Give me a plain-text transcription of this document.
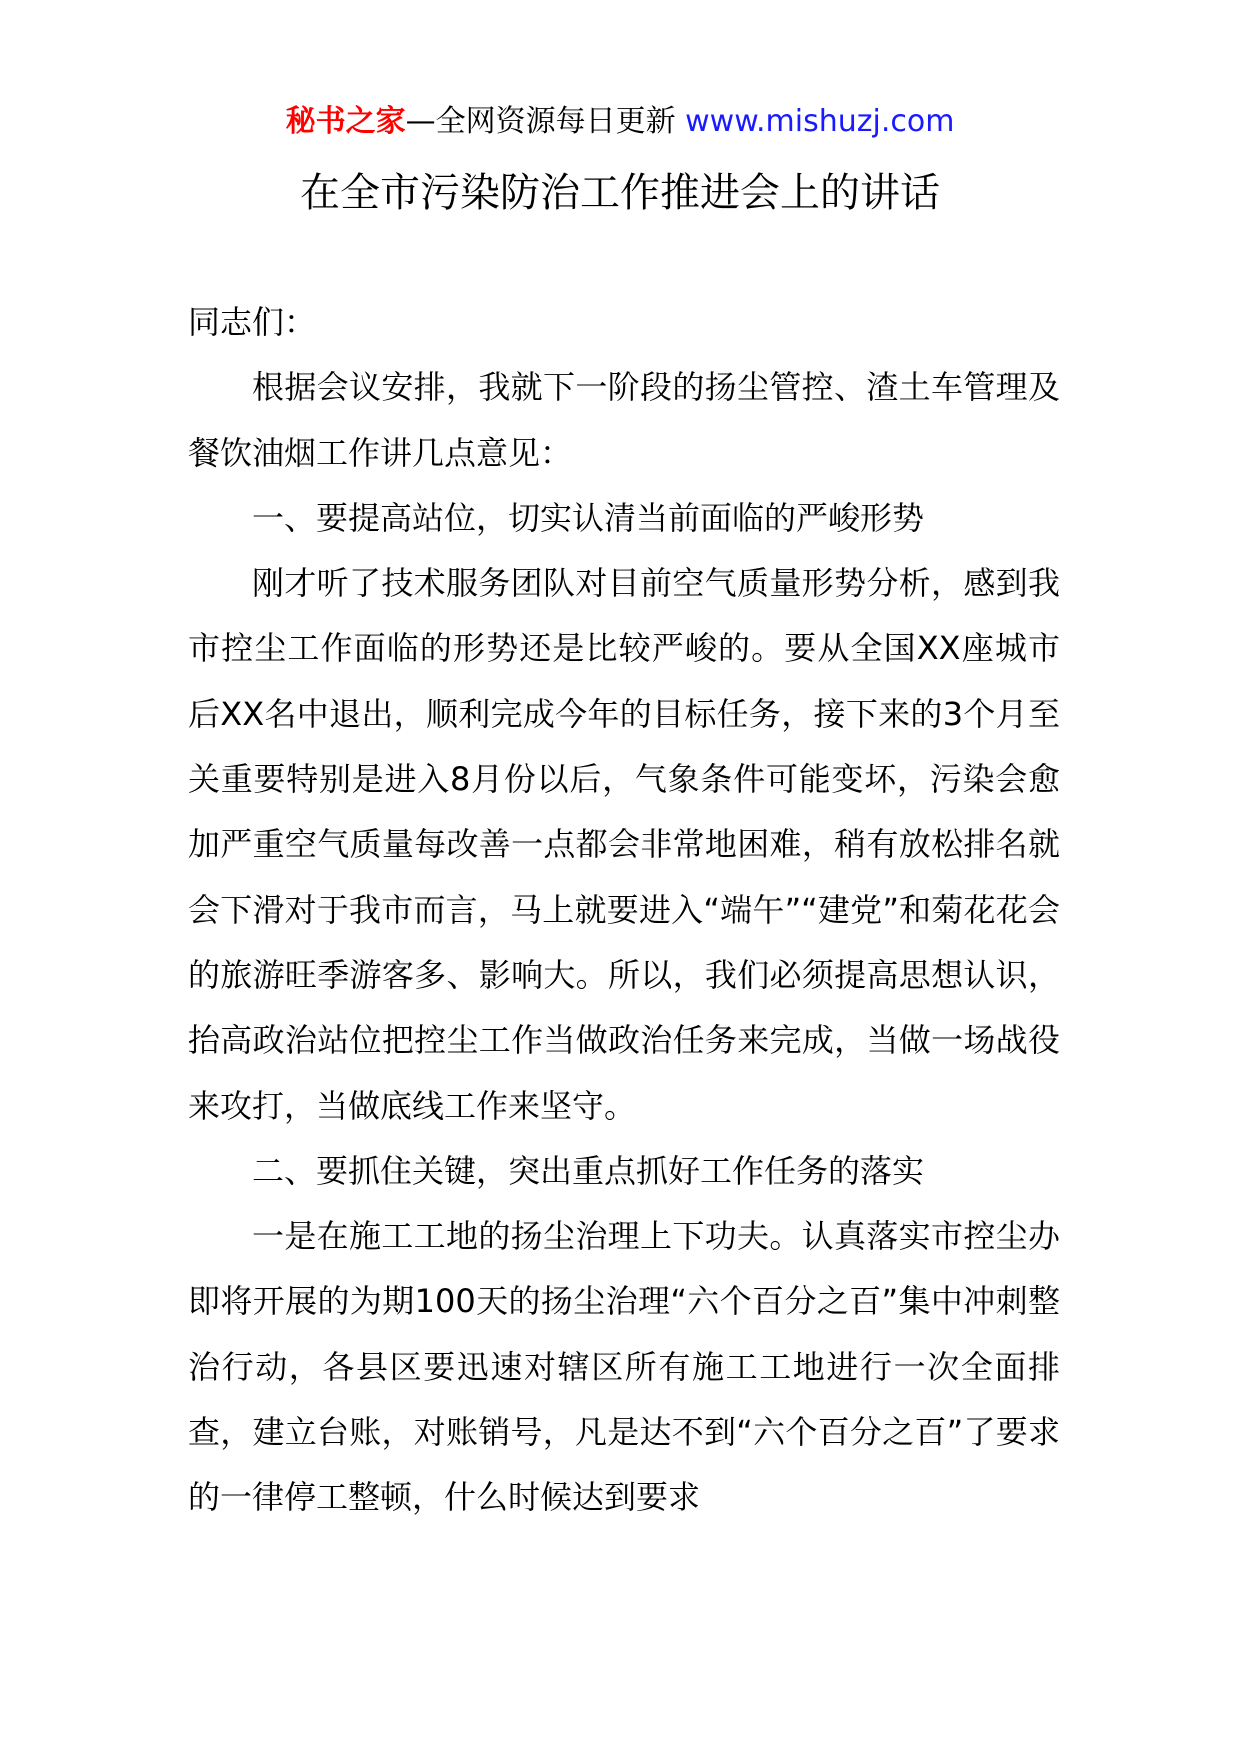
秘书之家—全网资源每日更新 www.mishuzj.com
在全市污染防治工作推进会上的讲话

同志们：

根据会议安排，我就下一阶段的扬尘管控、渣土车管理及餐饮油烟工作讲几点意见：

一、要提高站位，切实认清当前面临的严峻形势

刚才听了技术服务团队对目前空气质量形势分析，感到我市控尘工作面临的形势还是比较严峻的。要从全国XX座城市后XX名中退出，顺利完成今年的目标任务，接下来的3个月至关重要特别是进入8月份以后，气象条件可能变坏，污染会愈加严重空气质量每改善一点都会非常地困难，稍有放松排名就会下滑对于我市而言，马上就要进入“端午”“建党”和菊花花会的旅游旺季游客多、影响大。所以，我们必须提高思想认识，抬高政治站位把控尘工作当做政治任务来完成，当做一场战役来攻打，当做底线工作来坚守。

二、要抓住关键，突出重点抓好工作任务的落实

一是在施工工地的扬尘治理上下功夫。认真落实市控尘办即将开展的为期100天的扬尘治理“六个百分之百”集中冲刺整治行动，各县区要迅速对辖区所有施工工地进行一次全面排查，建立台账，对账销号，凡是达不到“六个百分之百”了要求的一律停工整顿，什么时候达到要求
